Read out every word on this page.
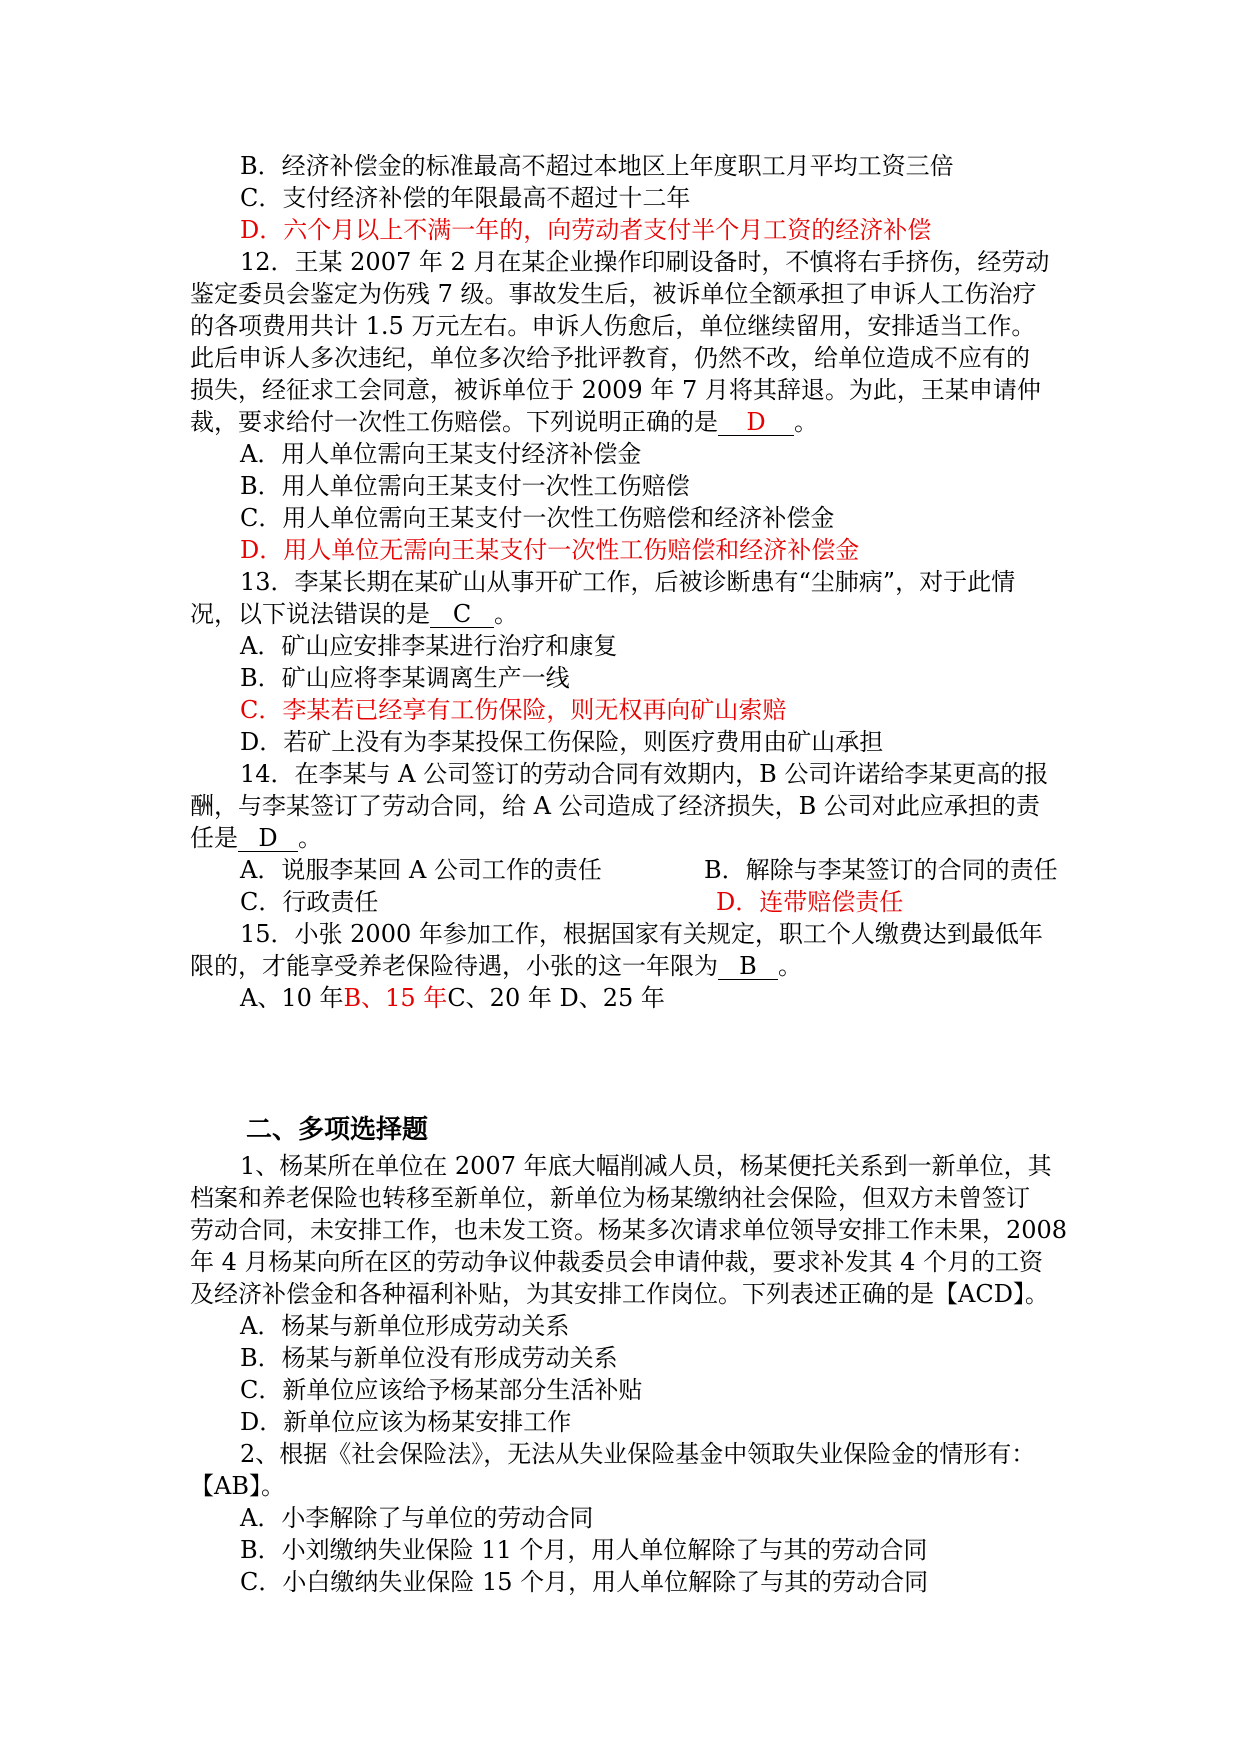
B．经济补偿金的标准最高不超过本地区上年度职工月平均工资三倍
C．支付经济补偿的年限最高不超过十二年
D．六个月以上不满一年的，向劳动者支付半个月工资的经济补偿
12．王某 2007 年 2 月在某企业操作印刷设备时，不慎将右手挤伤，经劳动
鉴定委员会鉴定为伤残 7 级。事故发生后，被诉单位全额承担了申诉人工伤治疗
的各项费用共计 1.5 万元左右。申诉人伤愈后，单位继续留用，安排适当工作。
此后申诉人多次违纪，单位多次给予批评教育，仍然不改，给单位造成不应有的
损失，经征求工会同意，被诉单位于 2009 年 7 月将其辞退。为此，王某申请仲
裁，要求给付一次性工伤赔偿。下列说明正确的是 D 。
A．用人单位需向王某支付经济补偿金
B．用人单位需向王某支付一次性工伤赔偿
C．用人单位需向王某支付一次性工伤赔偿和经济补偿金
D．用人单位无需向王某支付一次性工伤赔偿和经济补偿金
13．李某长期在某矿山从事开矿工作，后被诊断患有“尘肺病”，对于此情
况，以下说法错误的是 C 。
A．矿山应安排李某进行治疗和康复
B．矿山应将李某调离生产一线
C．李某若已经享有工伤保险，则无权再向矿山索赔
D．若矿上没有为李某投保工伤保险，则医疗费用由矿山承担
14．在李某与 A 公司签订的劳动合同有效期内，B 公司许诺给李某更高的报
酬，与李某签订了劳动合同，给 A 公司造成了经济损失，B 公司对此应承担的责
任是 D 。
A．说服李某回 A 公司工作的责任	B．解除与李某签订的合同的责任
C．行政责任	D．连带赔偿责任
15．小张 2000 年参加工作，根据国家有关规定，职工个人缴费达到最低年
限的，才能享受养老保险待遇，小张的这一年限为 B 。
A、10 年B、15 年C、20 年 D、25 年
二、多项选择题
1、杨某所在单位在 2007 年底大幅削减人员，杨某便托关系到一新单位，其
档案和养老保险也转移至新单位，新单位为杨某缴纳社会保险，但双方未曾签订
劳动合同，未安排工作，也未发工资。杨某多次请求单位领导安排工作未果，2008
年 4 月杨某向所在区的劳动争议仲裁委员会申请仲裁，要求补发其 4 个月的工资
及经济补偿金和各种福利补贴，为其安排工作岗位。下列表述正确的是【ACD】。
A．杨某与新单位形成劳动关系
B．杨某与新单位没有形成劳动关系
C．新单位应该给予杨某部分生活补贴
D．新单位应该为杨某安排工作
2、根据《社会保险法》，无法从失业保险基金中领取失业保险金的情形有：
【AB】。
A．小李解除了与单位的劳动合同
B．小刘缴纳失业保险 11 个月，用人单位解除了与其的劳动合同
C．小白缴纳失业保险 15 个月，用人单位解除了与其的劳动合同
